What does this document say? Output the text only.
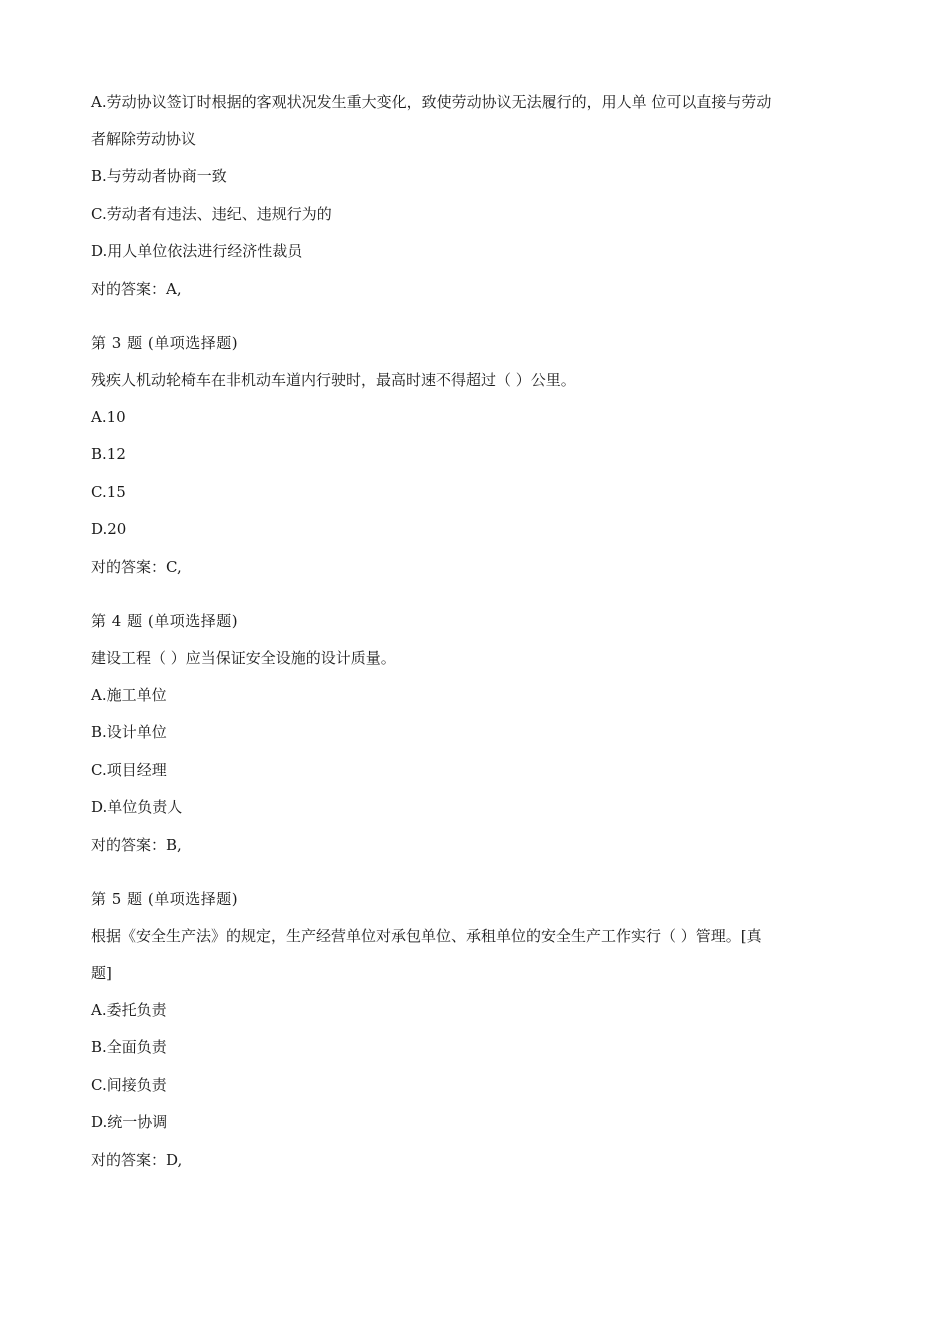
A.劳动协议签订时根据的客观状况发生重大变化，致使劳动协议无法履行的，用人单 位可以直接与劳动

者解除劳动协议

B.与劳动者协商一致

C.劳动者有违法、违纪、违规行为的

D.用人单位依法进行经济性裁员

对的答案：A,

第 3 题 (单项选择题)

残疾人机动轮椅车在非机动车道内行驶时，最高时速不得超过（ ）公里。

A.10

B.12

C.15

D.20

对的答案：C,

第 4 题 (单项选择题)

建设工程（ ）应当保证安全设施的设计质量。

A.施工单位

B.设计单位

C.项目经理

D.单位负责人

对的答案：B,

第 5 题 (单项选择题)

根据《安全生产法》的规定，生产经营单位对承包单位、承租单位的安全生产工作实行（ ）管理。[真

题]

A.委托负责

B.全面负责

C.间接负责

D.统一协调

对的答案：D,
